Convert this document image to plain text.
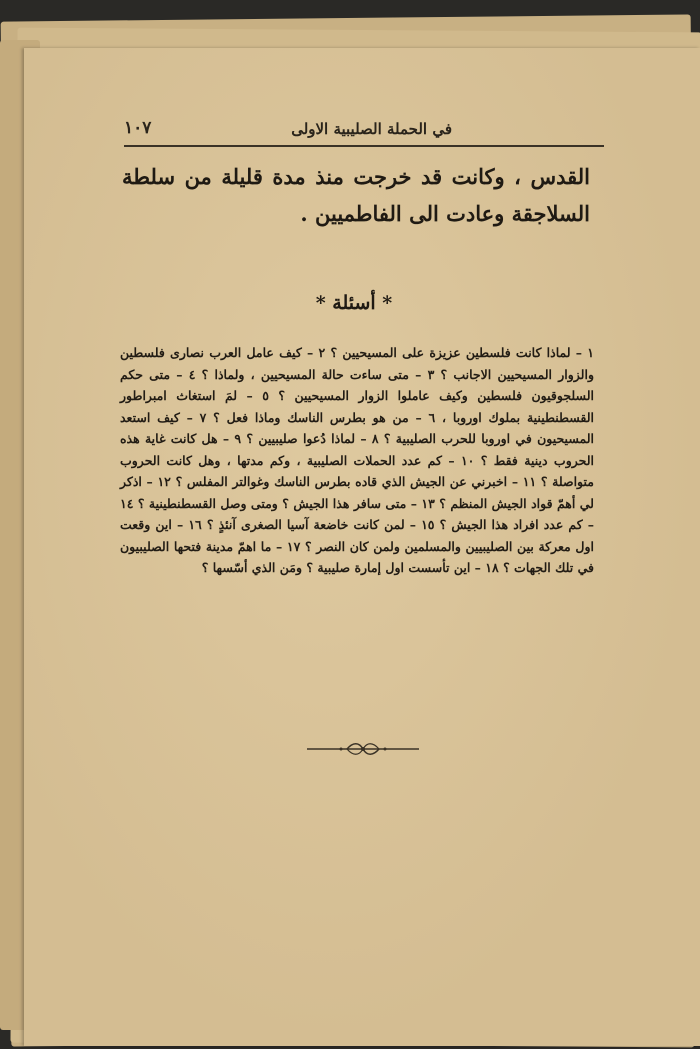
في الحملة الصليبية الاولى
١٠٧
القدس ، وكانت قد خرجت منذ مدة قليلة من سلطة السلاجقة وعادت الى الفاطميين .
* أسئلة *
١ – لماذا كانت فلسطين عزيزة على المسيحيين ؟ ٢ – كيف عامل العرب نصارى فلسطين والزوار المسيحيين الاجانب ؟ ٣ – متى ساءت حالة المسيحيين ، ولماذا ؟ ٤ – متى حكم السلجوقيون فلسطين وكيف عاملوا الزوار المسيحيين ؟ ٥ – لمَ استغاث امبراطور القسطنطينية بملوك اوروبا ، ٦ – من هو بطرس الناسك وماذا فعل ؟ ٧ – كيف استعد المسيحيون في اوروبا للحرب الصليبية ؟ ٨ – لماذا دُعوا صليبيين ؟ ٩ – هل كانت غاية هذه الحروب دينية فقط ؟ ١٠ – كم عدد الحملات الصليبية ، وكم مدتها ، وهل كانت الحروب متواصلة ؟ ١١ – اخبرني عن الجيش الذي قاده بطرس الناسك وغوالتر المفلس ؟ ١٢ – اذكر لي أهمّ قواد الجيش المنظم ؟ ١٣ – متى سافر هذا الجيش ؟ ومتى وصل القسطنطينية ؟ ١٤ – كم عدد افراد هذا الجيش ؟ ١٥ – لمن كانت خاضعة آسيا الصغرى آنئذٍ ؟ ١٦ – اين وقعت اول معركة بين الصليبيين والمسلمين ولمن كان النصر ؟ ١٧ – ما اهمّ مدينة فتحها الصليبيون في تلك الجهات ؟ ١٨ – اين تأسست اول إمارة صليبية ؟ ومَن الذي أسّسها ؟
